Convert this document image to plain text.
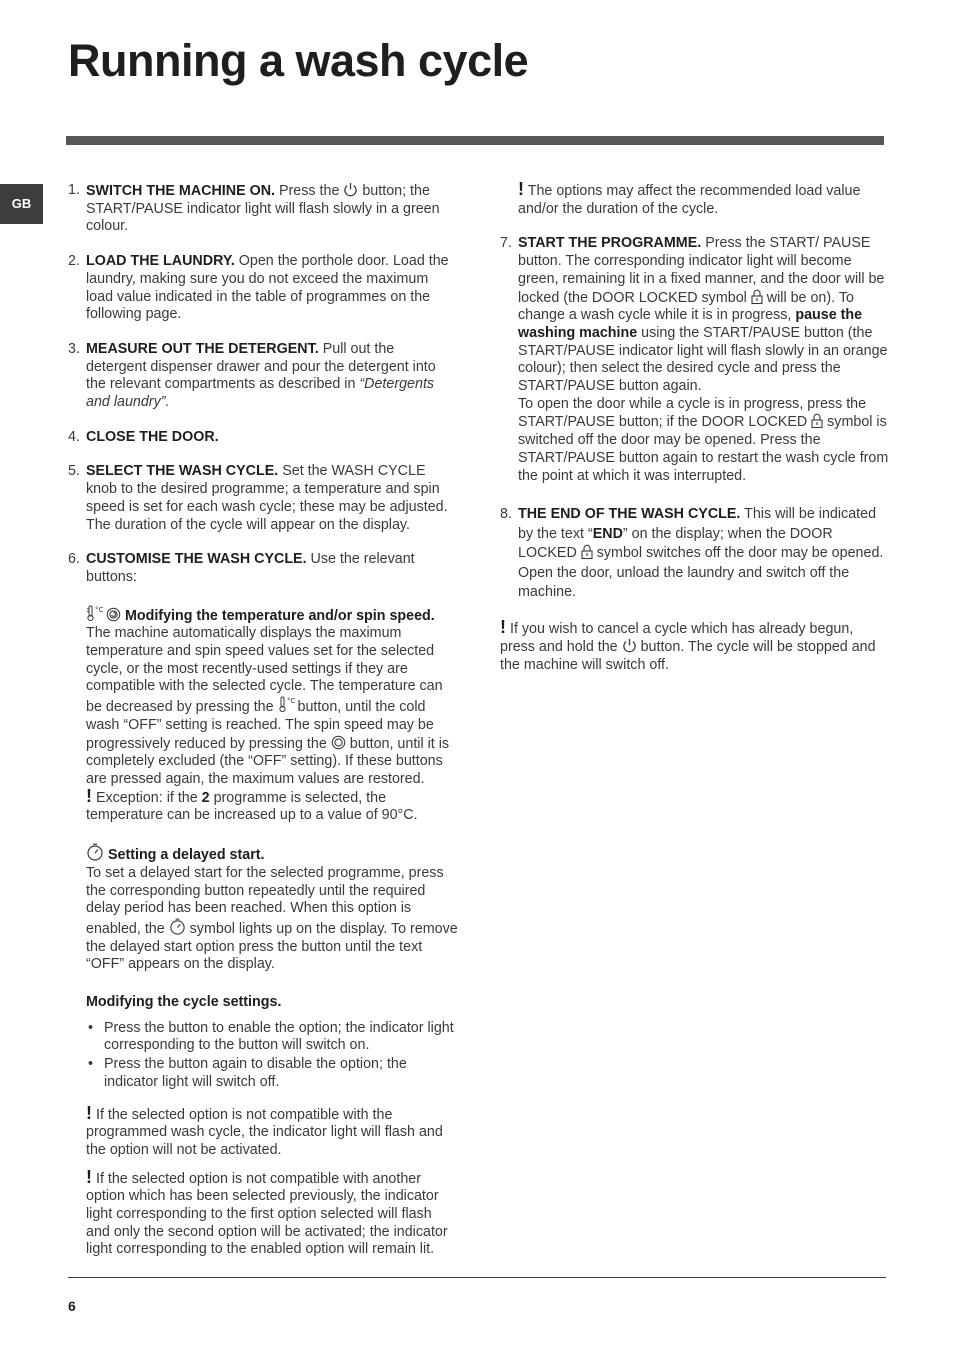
Running a wash cycle
GB
1. SWITCH THE MACHINE ON. Press the  button; the START/PAUSE indicator light will flash slowly in a green colour.
2. LOAD THE LAUNDRY. Open the porthole door. Load the laundry, making sure you do not exceed the maximum load value indicated in the table of programmes on the following page.
3. MEASURE OUT THE DETERGENT. Pull out the detergent dispenser drawer and pour the detergent into the relevant compartments as described in “Detergents and laundry”.
4. CLOSE THE DOOR.
5. SELECT THE WASH CYCLE. Set the WASH CYCLE knob to the desired programme; a temperature and spin speed is set for each wash cycle; these may be adjusted. The duration of the cycle will appear on the display.
6. CUSTOMISE THE WASH CYCLE. Use the relevant buttons:

°C Modifying the temperature and/or spin speed. The machine automatically displays the maximum temperature and spin speed values set for the selected cycle, or the most recently-used settings if they are compatible with the selected cycle. The temperature can be decreased by pressing the °C
button, until the cold wash “OFF” setting is reached. The spin speed may be progressively reduced by pressing the  button, until it is completely excluded (the “OFF” setting). If these buttons are pressed again, the maximum values are restored.
! Exception: if the 2 programme is selected, the temperature can be increased up to a value of 90°C.

Setting a delayed start.
To set a delayed start for the selected programme, press the corresponding button repeatedly until the required delay period has been reached. When this option is enabled, the  symbol lights up on the display. To remove the delayed start option press the button until the text “OFF” appears on the display.

Modifying the cycle settings.

• Press the button to enable the option; the indicator light corresponding to the button will switch on.
• Press the button again to disable the option; the indicator light will switch off.

! If the selected option is not compatible with the programmed wash cycle, the indicator light will flash and the option will not be activated.

! If the selected option is not compatible with another option which has been selected previously, the indicator light corresponding to the first option selected will flash and only the second option will be activated; the indicator light corresponding to the enabled option will remain lit.

! The options may affect the recommended load value and/or the duration of the cycle.

7. START THE PROGRAMME. Press the START/ PAUSE button. The corresponding indicator light will become green, remaining lit in a fixed manner, and the door will be locked (the DOOR LOCKED symbol  will be on). To change a wash cycle while it is in progress, pause the washing machine using the START/PAUSE button (the START/PAUSE indicator light will flash slowly in an orange colour); then select the desired cycle and press the START/PAUSE button again.
To open the door while a cycle is in progress, press the START/PAUSE button; if the DOOR LOCKED  symbol is switched off the door may be opened. Press the START/PAUSE button again to restart the wash cycle from the point at which it was interrupted.
8. THE END OF THE WASH CYCLE. This will be indicated by the text “END” on the display; when the DOOR LOCKED  symbol switches off the door may be opened. Open the door, unload the laundry and switch off the machine.

! If you wish to cancel a cycle which has already begun, press and hold the  button. The cycle will be stopped and the machine will switch off.

6
